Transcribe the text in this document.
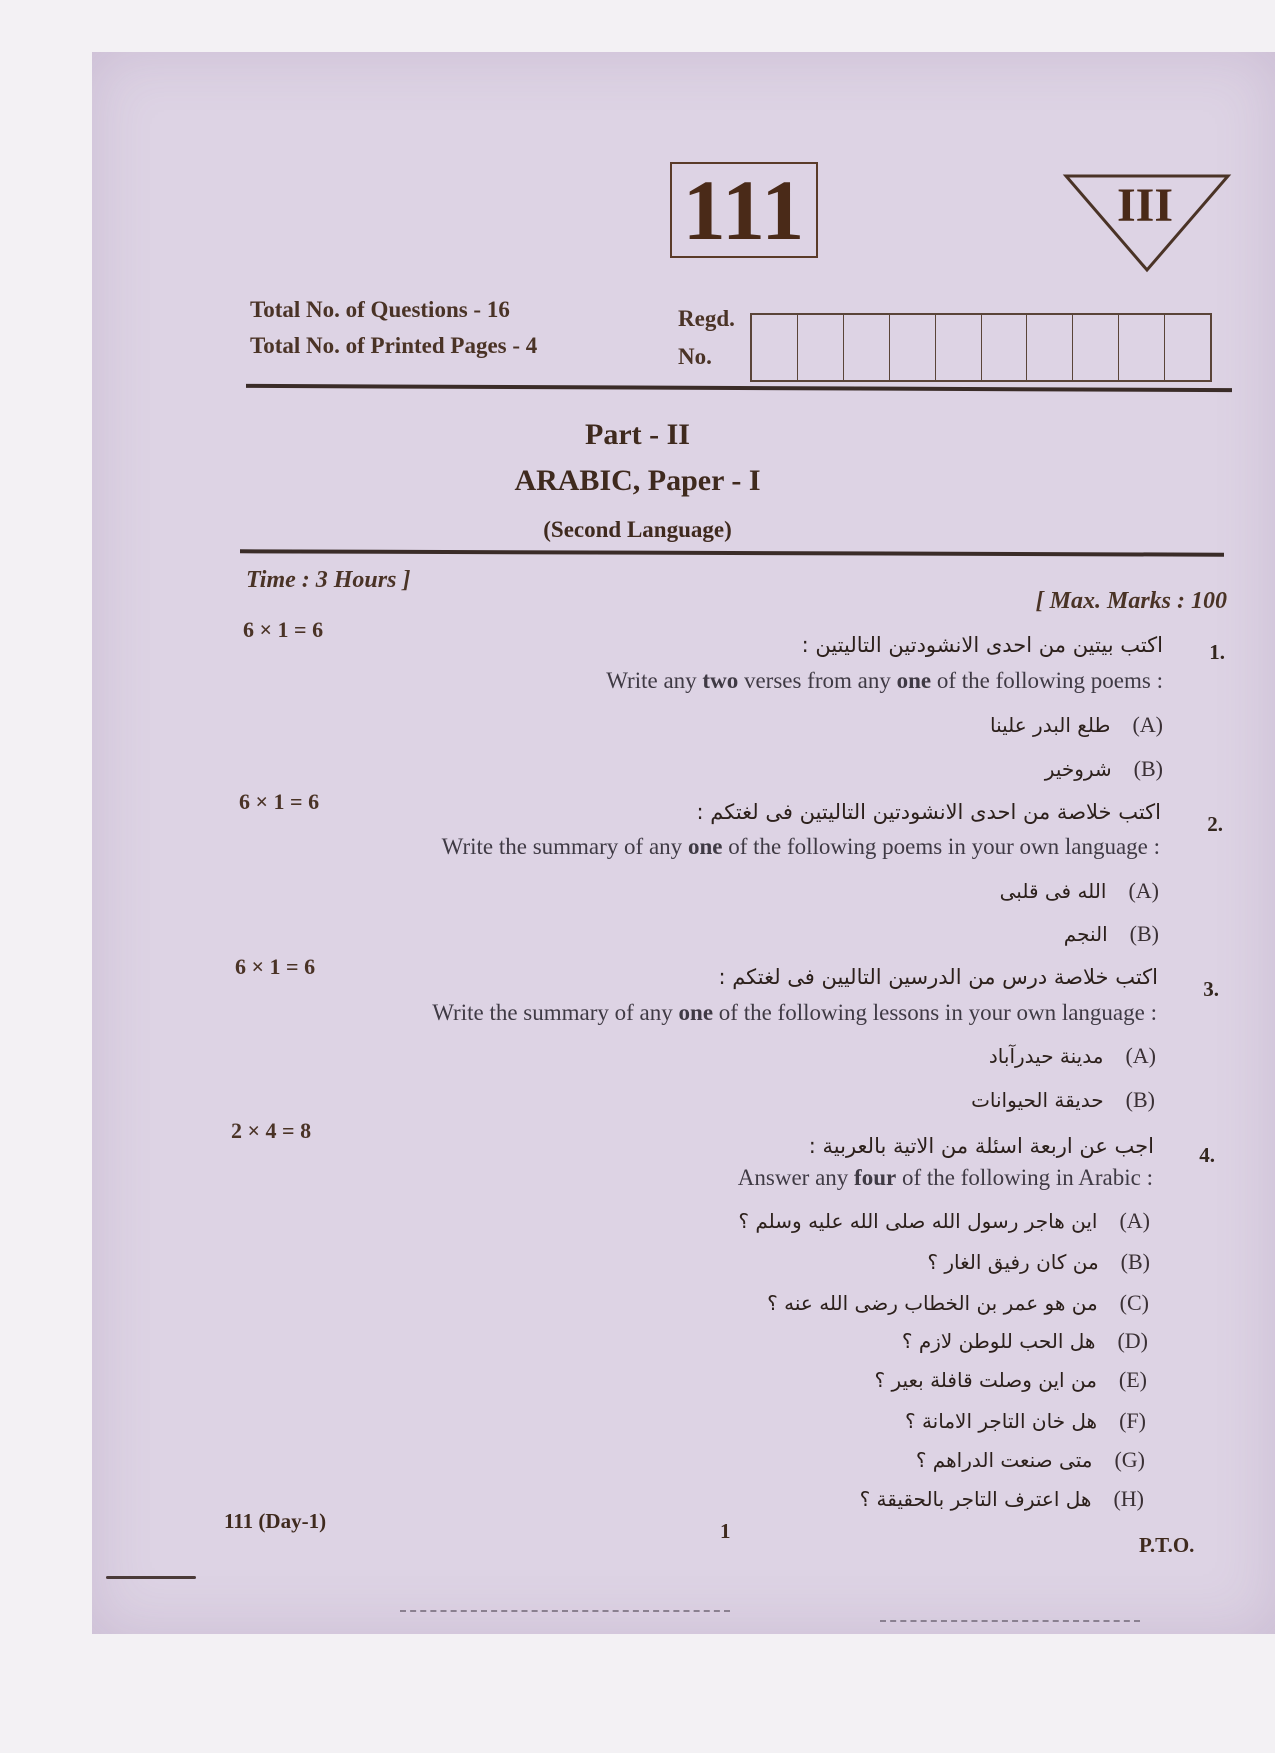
111	III
Total No. of Questions - 16
Total No. of Printed Pages - 4
Regd.
No.
Part - II
ARABIC, Paper - I
(Second Language)
Time : 3 Hours ]
[ Max. Marks : 100
6 × 1 = 6
.1
اكتب بيتين من احدى الانشودتين التاليتين :
Write any two verses from any one of the following poems :
(A)
طلع البدر علينا
(B)
شروخير
6 × 1 = 6
.2
اكتب خلاصة من احدى الانشودتين التاليتين فى لغتكم :
Write the summary of any one of the following poems in your own language :
(A)
الله فى قلبى
(B)
النجم
6 × 1 = 6
.3
اكتب خلاصة درس من الدرسين التاليين فى لغتكم :
Write the summary of any one of the following lessons in your own language :
(A)
مدينة حيدرآباد
(B)
حديقة الحيوانات
2 × 4 = 8
.4
اجب عن اربعة اسئلة من الاتية بالعربية :
Answer any four of the following in Arabic :
(A)
اين هاجر رسول الله صلى الله عليه وسلم ؟
(B)
من كان رفيق الغار ؟
(C)
من هو عمر بن الخطاب رضى الله عنه ؟
(D)
هل الحب للوطن لازم ؟
(E)
من اين وصلت قافلة بعير ؟
(F)
هل خان التاجر الامانة ؟
(G)
متى صنعت الدراهم ؟
(H)
هل اعترف التاجر بالحقيقة ؟
111 (Day-1)	1
P.T.O.
